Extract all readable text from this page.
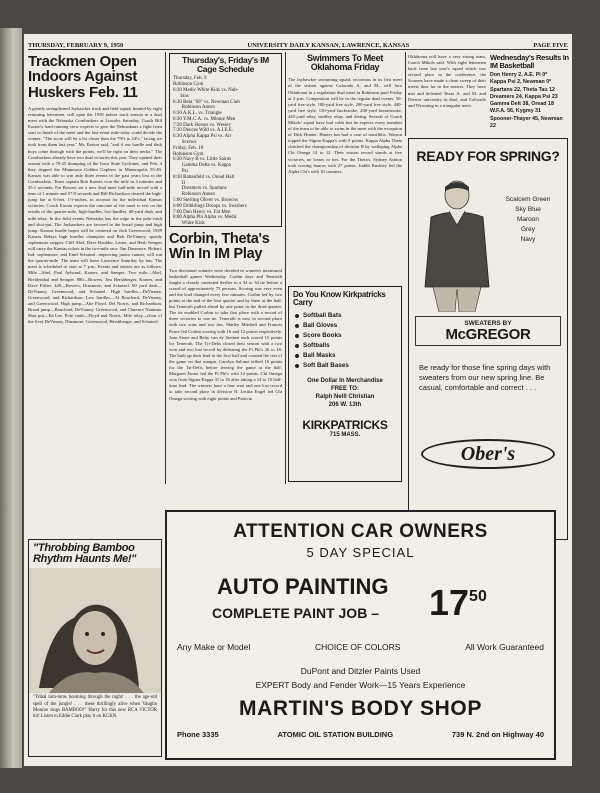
THURSDAY, FEBRUARY 9, 1950	UNIVERSITY DAILY KANSAN, LAWRENCE, KANSAS	PAGE FIVE
Trackmen Open Indoors Against Huskers Feb. 11
A greatly strengthened Jayhawker track and field squad, headed by eight returning lettermen, will open the 1950 indoor track season in a dual meet with the Nebraska Cornhuskers at Lincoln, Saturday. Coach Bill Easton's hard running crew expects to give the Nebraskans a fight from start to finish of the meet and the last-event mile-relay could decide the winner. "The score will be a lot closer than the 79½ to 24½," lacing we took from them last year," Mr. Easton said, "and if our hurdle and dash boys come through with the points, we'll be right on their necks." The Cornhuskers already have two dual victories this year. They opened their season with a 79-25 thumping of the Iowa State Cyclones, and Feb. 4 they tripped the Minnesota Golden Gophers in Minneapolis 55-49. Kansas was able to win only three events in the past years loss to the Cornhuskers. Team captain Bob Karnes won the mile in 4 minutes and 35.1 seconds; Pat Bowers set a new dual meet half-mile record with a time of 1 minute and 57.8 seconds and Bill Richardson cleared the high-jump bar at 6-feet, 1½-inches, to account for the individual Kansas victories. Coach Easton expects the outcome of the meet to rest on the results of the quarter-mile, high-hurdles, low-hurdles, 60-yard dash, and mile-relay. In the field events Nebraska has the edge in the pole-vault and shot-put. The Jayhawkers are favored in the broad jump and high jump. Kansas hurdle hopes will be centered on Jack Greenwood, 1949 Kansas Relays high hurdles champion and Bob DeVinney, speedy sophomore stepper. Cliff Abel, Dave Boulder, Lester, and Herb Semper will carry the Kansas colors in the two-mile race. Jim Dinsmore, Hobart, Ind. sophomore, and Emil Schutzel, improving junior runner, will run the quarter-mile. The team will leave Lawrence Saturday by bus. The meet is scheduled to start at 7 p.m. Events and entries are as follows: Mile—Abel, Paul Aylward, Karnes, and Semper. Two mile—Abel, Breidenthal and Semper. 880—Bowers, Jim Hershberger, Karnes, and Dave Fisher. 440—Bowers, Dinsmore, and Schutzel. 60 yard dash—DeVinney, Greenwood, and Schutzel. High hurdles—DeVinney, Greenwood, and Richardson. Low hurdles—Al Bouchard, DeVinney, and Greenwood. High jump—Abe Floyd, Del Norris, and Richardson. Broad jump—Bouchard, DeVinney, Greenwood, and Clarence Nauman. Shot put—Ed Lee. Pole vault—Floyd and Norris. Mile relay—(four of the five) DeVinney, Dinsmore, Greenwood, Hershberger, and Schutzel.
"Throbbing Bamboo Rhythm Haunts Me!"
"Tribal tom-toms booming through the night! . . . the age-old spell of the jungle! . . . these thrillingly alive when Vaughn Monroe sings BAMBOO!" Hurry for this new RCA VICTOR hit! Listen to Eddie Clark play it on KCKN.
Thursday's, Friday's IM Cage Schedule

Thursday, Feb. 9

Robinson Gym

6:30 Medic White Kids vs. Nub-

bins

8:30 Beta "69" vs. Newman Club

Robinson Annex

6:30 A.K.L. vs. Triangle

6:30 Y.M.C.A. vs. Minute Men

7:30 Dark Horses vs. Wesley

7:30 Deuces Wild vs. A.I.E.E.

6:30 Alpha Kappa Psi vs. Air

Screws

Friday, Feb. 10

Robinson Gym

6:30 Navy B vs. Little Saints

Gamma Delta vs. Kappa

Psi

8:30 Battenfeld vs. Oread Hall

II

Dreamers vs. Spartans

Robinson Annex

5:00 Sterling Oliver vs. Broncos

6:00 Dribblings Droops vs. Swishers

7:00 Don Henry vs. Fat Men

8:00 Alpha Phi Alpha vs. Medic

White Kids

Corbin, Theta's Win In IM Play
Two divisional winners were decided in women's intramural basketball games Wednesday. Corbin days and Teneroth fought a closely contested thriller to a 34 to 34 tie before a crowd of approximately 75 persons. Scoring was very even and the lead changed every few minutes. Corbin led by two points at the end of the first quarter and by three at the half, but Teneroth pulled ahead by one point in the third quarter. The tie enabled Corbin to take first place with a record of three victories to one tie. Teneroth is now in second place with two wins and two ties. Shirley Mitchell and Frances Pence led Corbin scoring with 16 and 12 points respectively. Joan Stone and Betty van dy Steinen each scored 15 points for Teneroth. The Tri-Delts closed their season with a two won and two lost record by defeating the Pi Phi's 26 to 18. The built up their lead in the first half and coasted the rest of the game on that margin. Carolyn Salome tallied 18 points for the Tri-Delts before leaving the game at the half. Margaret Foster led the Pi Phi's with 14 points. Chi Omega won from Sigma Kappa 31 to 16 after taking a 14 to 10 half-time lead. The winners have a four won and one lost record to take second place in division II. Letitia Engel led Chi Omega scoring with eight points and Patricia
Swimmers To Meet Oklahoma Friday
The Jayhawker swimming squad, victorious in its first meet of the season against Colorado A. and M., will face Oklahoma in a regulation dual meet in Robinson pool Friday at 3 p.m. Competition will be in the regular dual events: 50-yard free style, 100-yard free style, 200-yard free style, 440-yard free style, 150-yard backstroke, 200-yard breaststroke, 440-yard relay, medley relay, and diving. Several of Coach Mikols' squad have had colds but he expects every member of the team to be able to swim in the meet with the exception of Dick Hunter. Hunter has had a case of tonsillitis. Watson topped the Sigma Kappa's with 9 points. Kappa Alpha Theta clinched the championship of division II by walloping Alpha Chi Omega 14 to 12. Their season record stands at five victories, no losses or ties. For the Theta's, Sydney Ashton took scoring honors with 27 points. Judith Buckley led the Alpha Chi's with 10 counters.
Oklahoma will have a very strong team, Coach Mikols said. With eight lettermen back from last year's squad which was second place in the conference, the Sooners have made a clean sweep of their meets thus far in the season. They have met and defeated Texas A. and M. and Denver university in dual, and Colorado and Wyoming in a triangular meet.
Wednesday's Results In IM Basketball
Don Henry 2, A.E. Pi 0*
Kappa Psi 2, Newman 0*
Spartans 22, Theta Tau 12
Dreamers 24, Kappa Psi 23
Gamma Delt 38, Oread 18
W.F.A. 56, Kygmy 31
Spooner-Thayer 45, Newman 22
Do You Know Kirkpatricks Carry
Softball Bats
Ball Gloves
Score Books
Softballs
Ball Masks
Soft Ball Bases
One Dollar In Merchandise
FREE TO:
Ralph Neill Christian
206 W. 13th
KIRKPATRICKS
715 MASS.
READY FOR SPRING?
Scalcem Green
Sky Blue
Maroon
Grey
Navy
SWEATERS BY
McGREGOR
Be ready for those fine spring days with sweaters from our new spring line. Be casual, comfortable and correct . . .
Ober's
ATTENTION CAR OWNERS
5 DAY SPECIAL
AUTO PAINTING
COMPLETE PAINT JOB – 1750
Any Make or Model	CHOICE OF COLORS	All Work Guaranteed
DuPont and Ditzler Paints Used
EXPERT Body and Fender Work—15 Years Experience
MARTIN'S BODY SHOP
Phone 3335	ATOMIC OIL STATION BUILDING	739 N. 2nd on Highway 40
